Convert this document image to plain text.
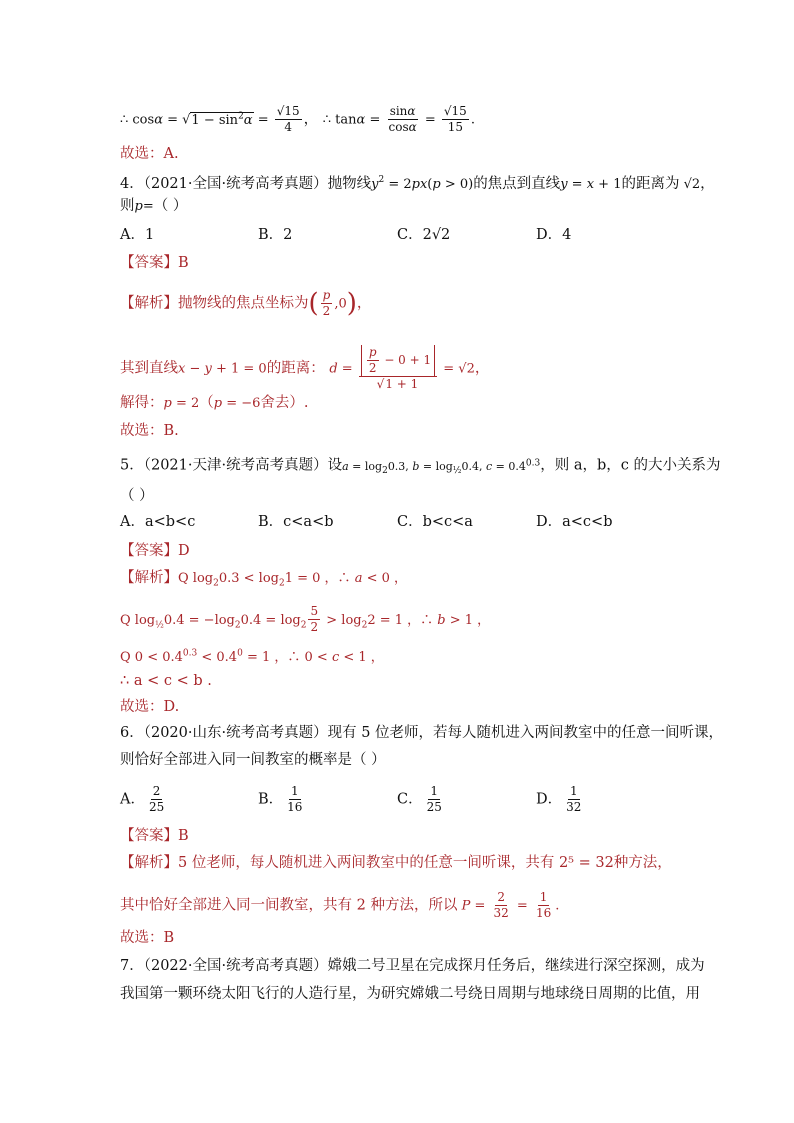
∴ $\cos\alpha = √1 - \sin^2\alpha = \frac{√15}{4}$ ， ∴ $\tan\alpha = \frac{\sin\alpha}{\cos\alpha} = \frac{√15}{15}$ .
故选：A.
4．（2021·全国·统考高考真题）抛物线$y^2 = 2px(p > 0)$的焦点到直线y = x + 1的距离为 √2，
则p=（ ）
A．1	B．2	C．2√2	D．4
【答案】B
【解析】抛物线的焦点坐标为( $\frac{p}{2} ,0$)，
其到直线x − y + 1 = 0的距离： $d = \frac{\frac{p}{2} - 0 + 1}{√1 + 1} = √2$，
解得：p = 2（p = −6舍去）.
故选：B.
5．（2021·天津·统考高考真题）设$a = \log_20.3$, $b = \log_{\frac{1}{2}}0.4$, $c = 0.4^{0.3}$，则 a，b，c 的大小关系为
（ ）
A．a<b<c	B．c<a<b	C．b<c<a	D．a<c<b
【答案】D
【解析】Q $\log_20.3 < \log_21 = 0$ ，∴ a < 0 ，
Q $\log_{\frac{1}{2}}0.4 = -\log_20.4 = \log_2 \frac{5}{2} > \log_22 = 1$ ，∴ b > 1 ，
Q $0 < 0.4^{0.3} < 0.4^0 = 1$ ，∴ 0 < c < 1 ，
∴ a < c < b .
故选：D.
6．（2020·山东·统考高考真题）现有 5 位老师，若每人随机进入两间教室中的任意一间听课，
则恰好全部进入同一间教室的概率是（ ）
A． $\frac{2}{25}$	B． $\frac{1}{16}$	C． $\frac{1}{25}$	D． $\frac{1}{32}$
【答案】B
【解析】5 位老师，每人随机进入两间教室中的任意一间听课，共有 2⁵ = 32种方法，
其中恰好全部进入同一间教室，共有 2 种方法，所以 $P = \frac{2}{32} = \frac{1}{16}$ .
故选：B
7．（2022·全国·统考高考真题）嫦娥二号卫星在完成探月任务后，继续进行深空探测，成为
我国第一颗环绕太阳飞行的人造行星，为研究嫦娥二号绕日周期与地球绕日周期的比值，用
